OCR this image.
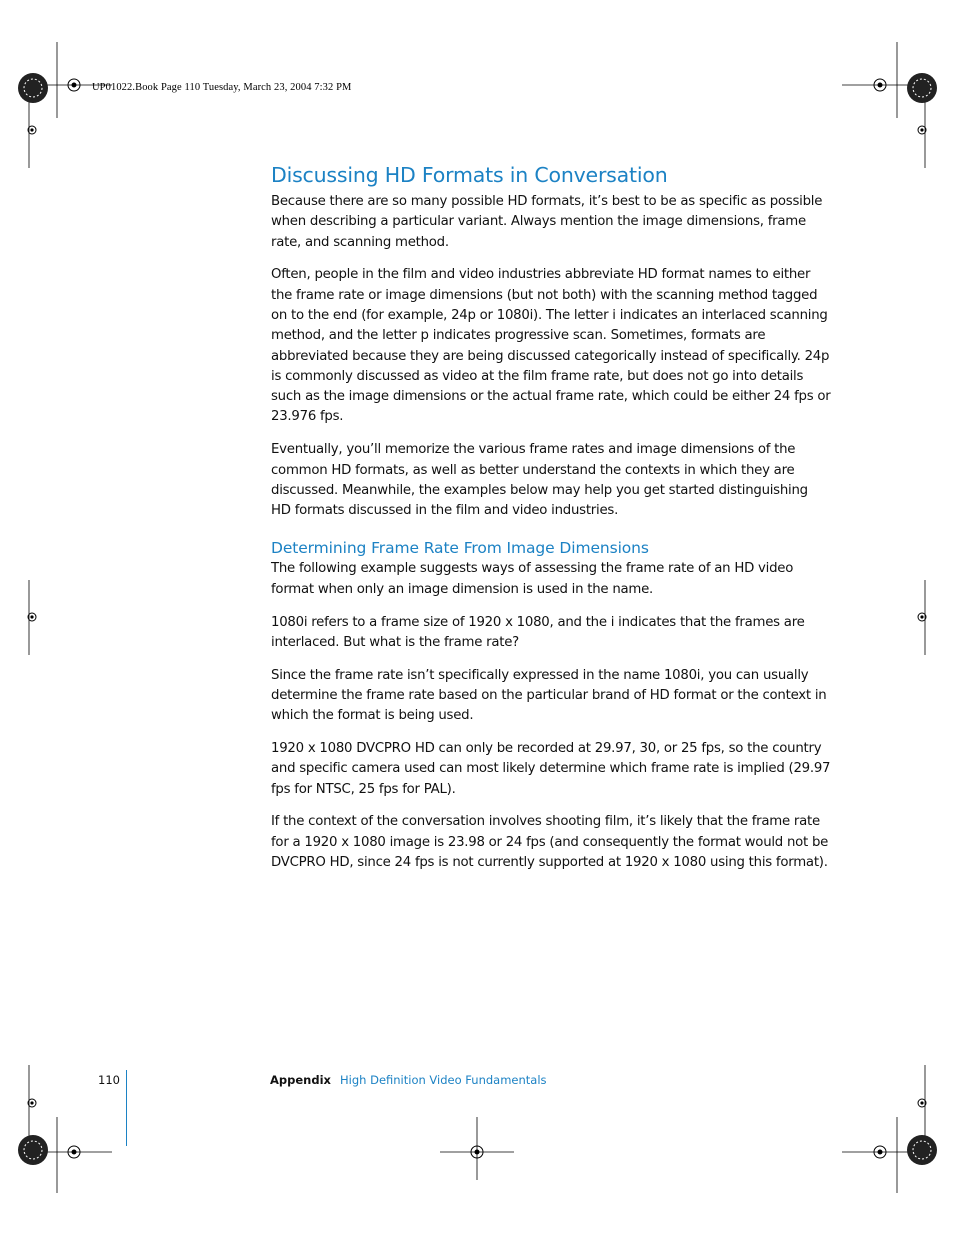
UP01022.Book Page 110 Tuesday, March 23, 2004 7:32 PM
Discussing HD Formats in Conversation

Because there are so many possible HD formats, it’s best to be as specific as possible when describing a particular variant. Always mention the image dimensions, frame rate, and scanning method.

Often, people in the film and video industries abbreviate HD format names to either the frame rate or image dimensions (but not both) with the scanning method tagged on to the end (for example, 24p or 1080i). The letter i indicates an interlaced scanning method, and the letter p indicates progressive scan. Sometimes, formats are abbreviated because they are being discussed categorically instead of specifically. 24p is commonly discussed as video at the film frame rate, but does not go into details such as the image dimensions or the actual frame rate, which could be either 24 fps or 23.976 fps.

Eventually, you’ll memorize the various frame rates and image dimensions of the common HD formats, as well as better understand the contexts in which they are discussed. Meanwhile, the examples below may help you get started distinguishing HD formats discussed in the film and video industries.

Determining Frame Rate From Image Dimensions

The following example suggests ways of assessing the frame rate of an HD video format when only an image dimension is used in the name.

1080i refers to a frame size of 1920 x 1080, and the i indicates that the frames are interlaced. But what is the frame rate?

Since the frame rate isn’t specifically expressed in the name 1080i, you can usually determine the frame rate based on the particular brand of HD format or the context in which the format is being used.

1920 x 1080 DVCPRO HD can only be recorded at 29.97, 30, or 25 fps, so the country and specific camera used can most likely determine which frame rate is implied (29.97 fps for NTSC, 25 fps for PAL).

If the context of the conversation involves shooting film, it’s likely that the frame rate for a 1920 x 1080 image is 23.98 or 24 fps (and consequently the format would not be DVCPRO HD, since 24 fps is not currently supported at 1920 x 1080 using this format).

110	Appendix High Definition Video Fundamentals
